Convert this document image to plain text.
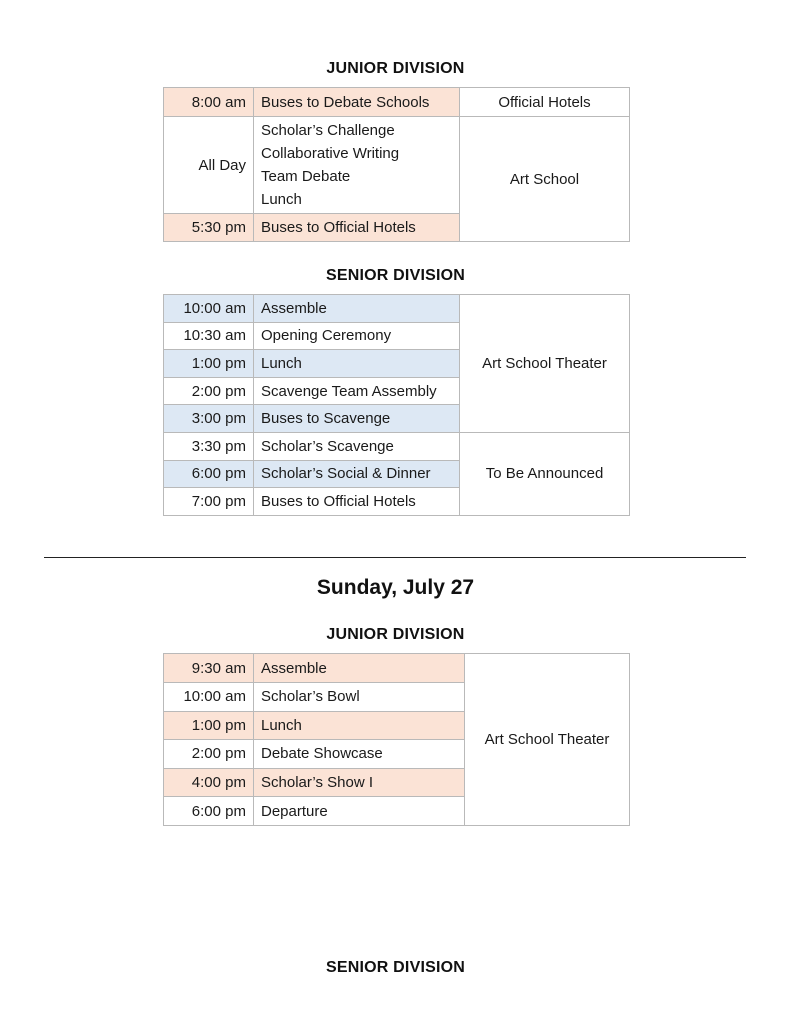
JUNIOR DIVISION
8:00 am	Buses to Debate Schools	Official Hotels
All Day	Scholar’s Challenge
Collaborative Writing
Team Debate
Lunch	Art School
5:30 pm	Buses to Official Hotels	
SENIOR DIVISION
10:00 am	Assemble	Art School Theater
10:30 am	Opening Ceremony	
1:00 pm	Lunch	
2:00 pm	Scavenge Team Assembly	
3:00 pm	Buses to Scavenge	
3:30 pm	Scholar’s Scavenge	To Be Announced
6:00 pm	Scholar’s Social & Dinner	
7:00 pm	Buses to Official Hotels	
Sunday, July 27
JUNIOR DIVISION
9:30 am	Assemble	Art School Theater
10:00 am	Scholar’s Bowl	
1:00 pm	Lunch	
2:00 pm	Debate Showcase	
4:00 pm	Scholar’s Show I	
6:00 pm	Departure	
SENIOR DIVISION
